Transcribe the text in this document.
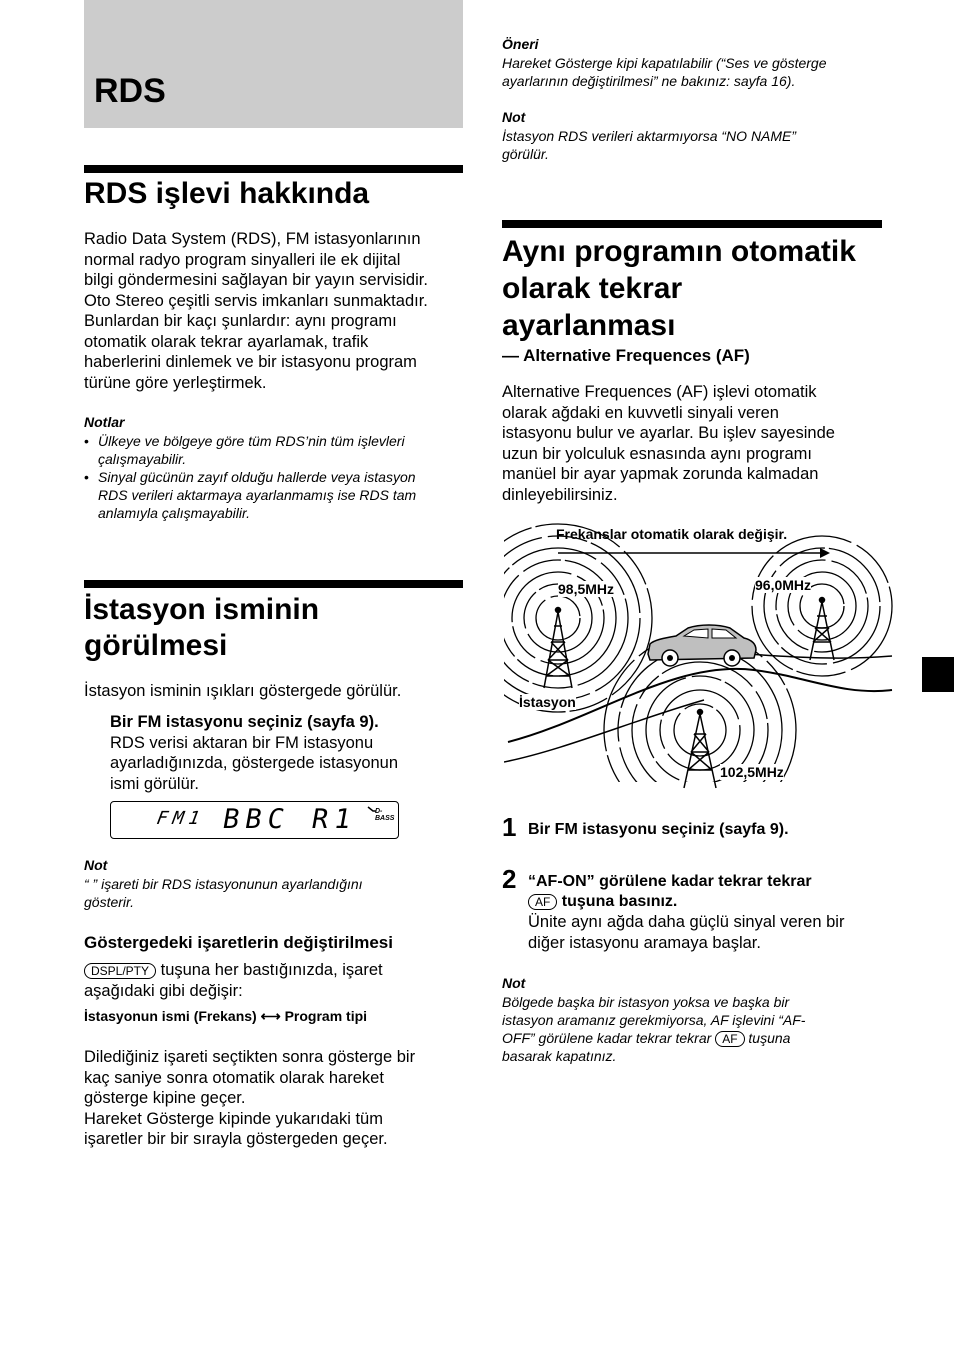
RDS
RDS işlevi hakkında
Radio Data System (RDS), FM istasyonlarının
normal radyo program sinyalleri ile ek dijital
bilgi göndermesini sağlayan bir yayın servisidir.
Oto Stereo çeşitli servis imkanları sunmaktadır.
Bunlardan bir kaçı şunlardır: aynı programı
otomatik olarak tekrar ayarlamak, trafik
haberlerini dinlemek ve bir istasyonu program
türüne göre yerleştirmek.
Notlar
• Ülkeye ve bölgeye göre tüm RDS’nin tüm işlevleri
çalışmayabilir.
• Sinyal gücünün zayıf olduğu hallerde veya istasyon
RDS verileri aktarmaya ayarlanmamış ise RDS tam
anlamıyla çalışmayabilir.
İstasyon isminin
görülmesi
İstasyon isminin ışıkları göstergede görülür.
Bir FM istasyonu seçiniz (sayfa 9).
RDS verisi aktaran bir FM istasyonu
ayarladığınızda, göstergede istasyonun
ismi görülür.
FM1 BBC R1 D-BASS
Not
“ ” işareti bir RDS istasyonunun ayarlandığını
gösterir.
Göstergedeki işaretlerin değiştirilmesi
DSPL/PTY tuşuna her bastığınızda, işaret
aşağıdaki gibi değişir:
İstasyonun ismi (Frekans) ⟷ Program tipi
Dilediğiniz işareti seçtikten sonra gösterge bir
kaç saniye sonra otomatik olarak hareket
gösterge kipine geçer.
Hareket Gösterge kipinde yukarıdaki tüm
işaretler bir bir sırayla göstergeden geçer.
Öneri
Hareket Gösterge kipi kapatılabilir (“Ses ve gösterge
ayarlarının değiştirilmesi” ne bakınız: sayfa 16).
Not
İstasyon RDS verileri aktarmıyorsa “NO NAME”
görülür.
Aynı programın otomatik
olarak tekrar
ayarlanması
— Alternative Frequences (AF)
Alternative Frequences (AF) işlevi otomatik
olarak ağdaki en kuvvetli sinyali veren
istasyonu bulur ve ayarlar. Bu işlev sayesinde
uzun bir yolculuk esnasında aynı programı
manüel bir ayar yapmak zorunda kalmadan
dinleyebilirsiniz.
Frekanslar otomatik olarak değişir.
98,5MHz	96,0MHz
102,5MHz
İstasyon
1 Bir FM istasyonu seçiniz (sayfa 9).
2 “AF-ON” görülene kadar tekrar tekrar
AF tuşuna basınız.
Ünite aynı ağda daha güçlü sinyal veren bir
diğer istasyonu aramaya başlar.
Not
Bölgede başka bir istasyon yoksa ve başka bir
istasyon aramanız gerekmiyorsa, AF işlevini “AF-
OFF” görülene kadar tekrar tekrar AF tuşuna
basarak kapatınız.
